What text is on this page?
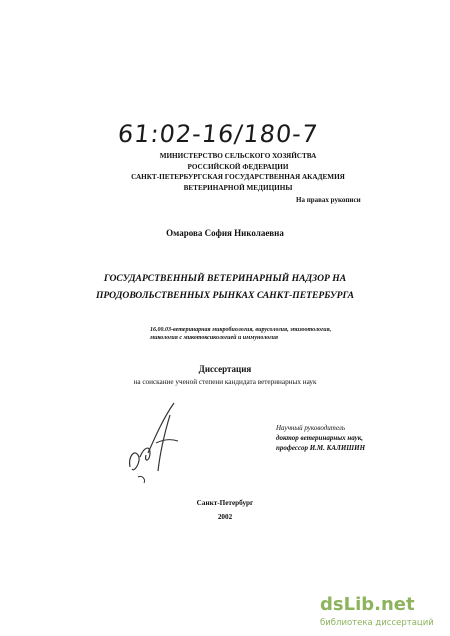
61:02-16/180-7
МИНИСТЕРСТВО СЕЛЬСКОГО ХОЗЯЙСТВА
РОССИЙСКОЙ ФЕДЕРАЦИИ
САНКТ-ПЕТЕРБУРГСКАЯ ГОСУДАРСТВЕННАЯ АКАДЕМИЯ
ВЕТЕРИНАРНОЙ МЕДИЦИНЫ
На правах рукописи
Омарова София Николаевна
ГОСУДАРСТВЕННЫЙ ВЕТЕРИНАРНЫЙ НАДЗОР НА
ПРОДОВОЛЬСТВЕННЫХ РЫНКАХ САНКТ-ПЕТЕРБУРГА
16.00.03-ветеринарная микробиология, вирусология, эпизоотология,
микология с микотоксикологией и иммунология
Диссертация
на соискание ученой степени кандидата ветеринарных наук
Научный руководитель
доктор ветеринарных наук,
профессор И.М. КАЛИШИН
Санкт-Петербург
2002
dsLib.net
библиотека диссертаций
